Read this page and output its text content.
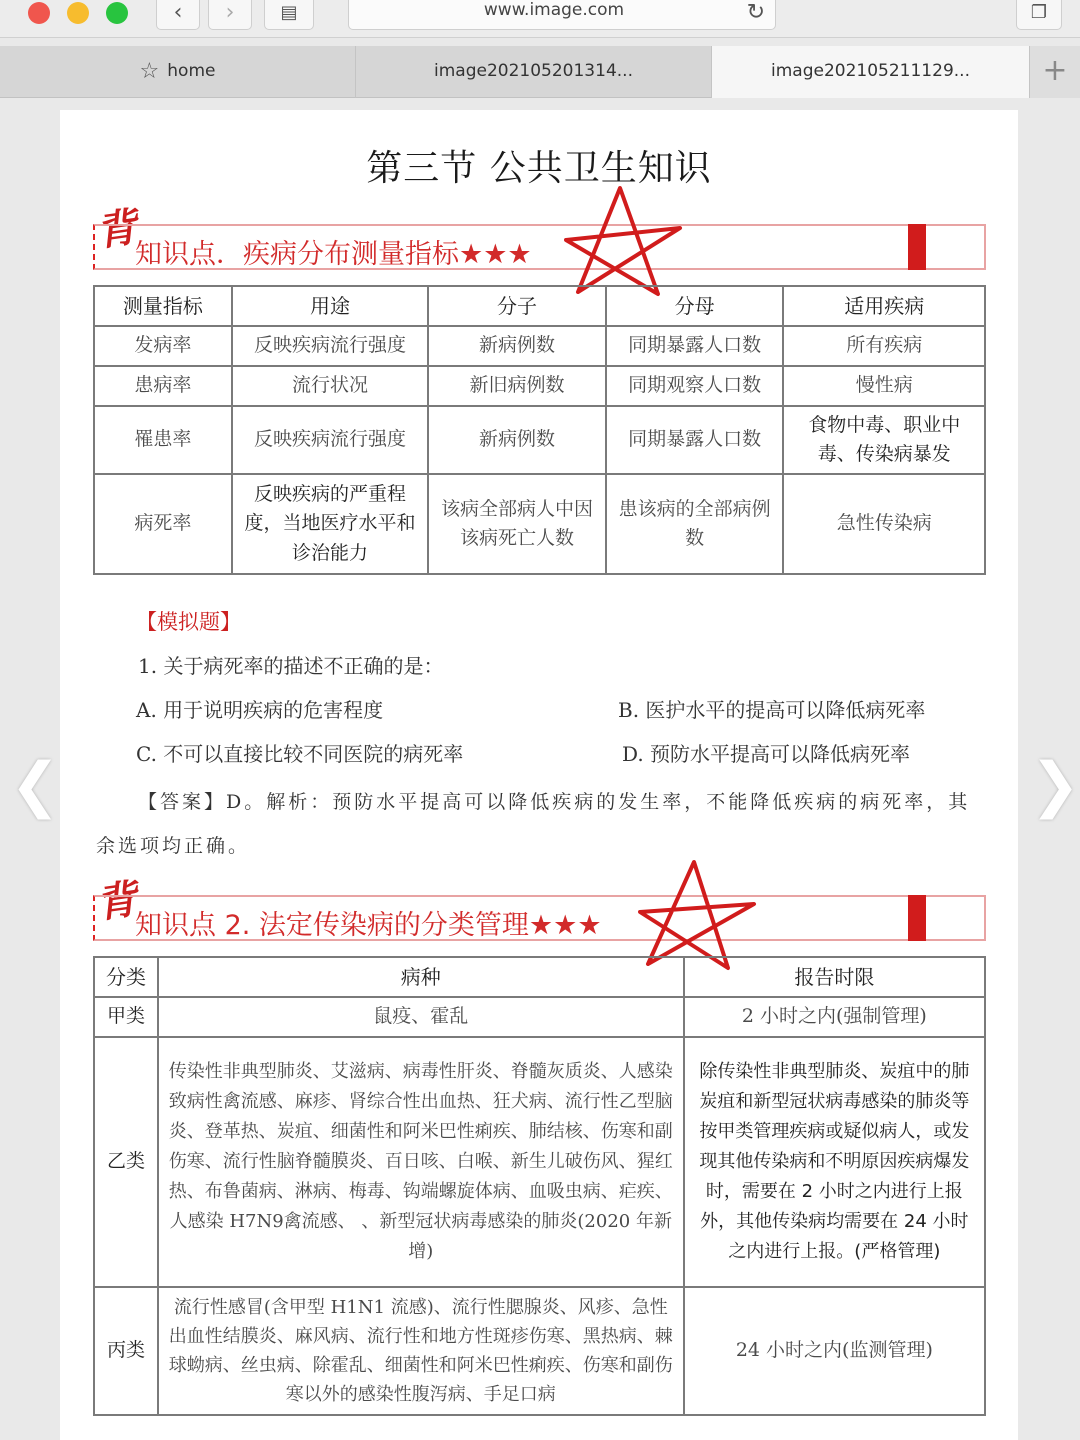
‹	›	▤	www.image.com	↻	❐
☆ home	image202105201314...	image202105211129...	+
第三节 公共卫生知识
背
知识点．疾病分布测量指标★★★
测量指标	用途	分子	分母	适用疾病
发病率	反映疾病流行强度	新病例数	同期暴露人口数	所有疾病
患病率	流行状况	新旧病例数	同期观察人口数	慢性病
罹患率	反映疾病流行强度	新病例数	同期暴露人口数	食物中毒、职业中毒、传染病暴发
病死率	反映疾病的严重程度，当地医疗水平和诊治能力	该病全部病人中因该病死亡人数	患该病的全部病例数	急性传染病
【模拟题】
1. 关于病死率的描述不正确的是：
A. 用于说明疾病的危害程度	B. 医护水平的提高可以降低病死率
C. 不可以直接比较不同医院的病死率	D. 预防水平提高可以降低病死率
【答案】D。解析：预防水平提高可以降低疾病的发生率，不能降低疾病的病死率，其余选项均正确。
背
知识点 2. 法定传染病的分类管理★★★
分类	病种	报告时限
甲类	鼠疫、霍乱	2 小时之内(强制管理)
乙类	传染性非典型肺炎、艾滋病、病毒性肝炎、脊髓灰质炎、人感染致病性禽流感、麻疹、肾综合性出血热、狂犬病、流行性乙型脑炎、登革热、炭疽、细菌性和阿米巴性痢疾、肺结核、伤寒和副伤寒、流行性脑脊髓膜炎、百日咳、白喉、新生儿破伤风、猩红热、布鲁菌病、淋病、梅毒、钩端螺旋体病、血吸虫病、疟疾、人感染 H7N9禽流感、 、新型冠状病毒感染的肺炎(2020 年新增)	除传染性非典型肺炎、炭疽中的肺炭疽和新型冠状病毒感染的肺炎等按甲类管理疾病或疑似病人，或发现其他传染病和不明原因疾病爆发时，需要在 2 小时之内进行上报外，其他传染病均需要在 24 小时之内进行上报。(严格管理)
丙类	流行性感冒(含甲型 H1N1 流感)、流行性腮腺炎、风疹、急性出血性结膜炎、麻风病、流行性和地方性斑疹伤寒、黑热病、棘球蚴病、丝虫病、除霍乱、细菌性和阿米巴性痢疾、伤寒和副伤寒以外的感染性腹泻病、手足口病	24 小时之内(监测管理)
❮	❯
